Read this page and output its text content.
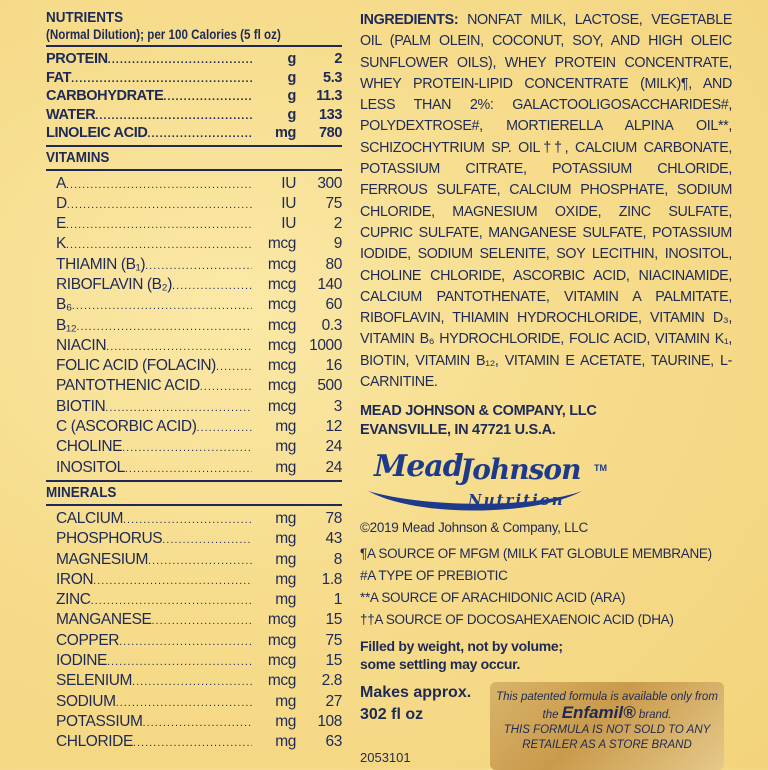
NUTRIENTS
(Normal Dilution); per 100 Calories (5 fl oz)
PROTEIN .....	g	2
FAT .....	g	5.3
CARBOHYDRATE .....	g	11.3
WATER .....	g	133
LINOLEIC ACID .....	mg	780
VITAMINS
A .....	IU	300
D .....	IU	75
E .....	IU	2
K .....	mcg	9
THIAMIN (B₁) .....	mcg	80
RIBOFLAVIN (B₂) .....	mcg	140
B₆ .....	mcg	60
B₁₂ .....	mcg	0.3
NIACIN .....	mcg 1000
FOLIC ACID (FOLACIN) .....	mcg	16
PANTOTHENIC ACID .....	mcg	500
BIOTIN .....	mcg	3
C (ASCORBIC ACID) .....	mg	12
CHOLINE .....	mg	24
INOSITOL .....	mg	24
MINERALS
CALCIUM .....	mg	78
PHOSPHORUS .....	mg	43
MAGNESIUM .....	mg	8
IRON .....	mg	1.8
ZINC .....	mg	1
MANGANESE .....	mcg	15
COPPER .....	mcg	75
IODINE .....	mcg	15
SELENIUM .....	mcg	2.8
SODIUM .....	mg	27
POTASSIUM .....	mg	108
CHLORIDE .....	mg	63
INGREDIENTS: NONFAT MILK, LACTOSE, VEGETABLE OIL (PALM OLEIN, COCONUT, SOY, AND HIGH OLEIC SUNFLOWER OILS), WHEY PROTEIN CONCENTRATE, WHEY PROTEIN-LIPID CONCENTRATE (MILK)¶, AND LESS THAN 2%: GALACTOOLIGOSACCHARIDES#, POLYDEXTROSE#, MORTIERELLA ALPINA OIL**, SCHIZOCHYTRIUM SP. OIL††, CALCIUM CARBONATE, POTASSIUM CITRATE, POTASSIUM CHLORIDE, FERROUS SULFATE, CALCIUM PHOSPHATE, SODIUM CHLORIDE, MAGNESIUM OXIDE, ZINC SULFATE, CUPRIC SULFATE, MANGANESE SULFATE, POTASSIUM IODIDE, SODIUM SELENITE, SOY LECITHIN, INOSITOL, CHOLINE CHLORIDE, ASCORBIC ACID, NIACINAMIDE, CALCIUM PANTOTHENATE, VITAMIN A PALMITATE, RIBOFLAVIN, THIAMIN HYDROCHLORIDE, VITAMIN D₃, VITAMIN B₆ HYDROCHLORIDE, FOLIC ACID, VITAMIN K₁, BIOTIN, VITAMIN B₁₂, VITAMIN E ACETATE, TAURINE, L-CARNITINE.
MEAD JOHNSON & COMPANY, LLC
EVANSVILLE, IN 47721 U.S.A.
Mead
Johnson TM
Nutrition
©2019 Mead Johnson & Company, LLC
¶A SOURCE OF MFGM (MILK FAT GLOBULE MEMBRANE)
#A TYPE OF PREBIOTIC
**A SOURCE OF ARACHIDONIC ACID (ARA)
††A SOURCE OF DOCOSAHEXAENOIC ACID (DHA)
Filled by weight, not by volume;
some settling may occur.
Makes approx.
302 fl oz
2053101
This patented formula is available only from
the Enfamil® brand.
THIS FORMULA IS NOT SOLD TO ANY
RETAILER AS A STORE BRAND
